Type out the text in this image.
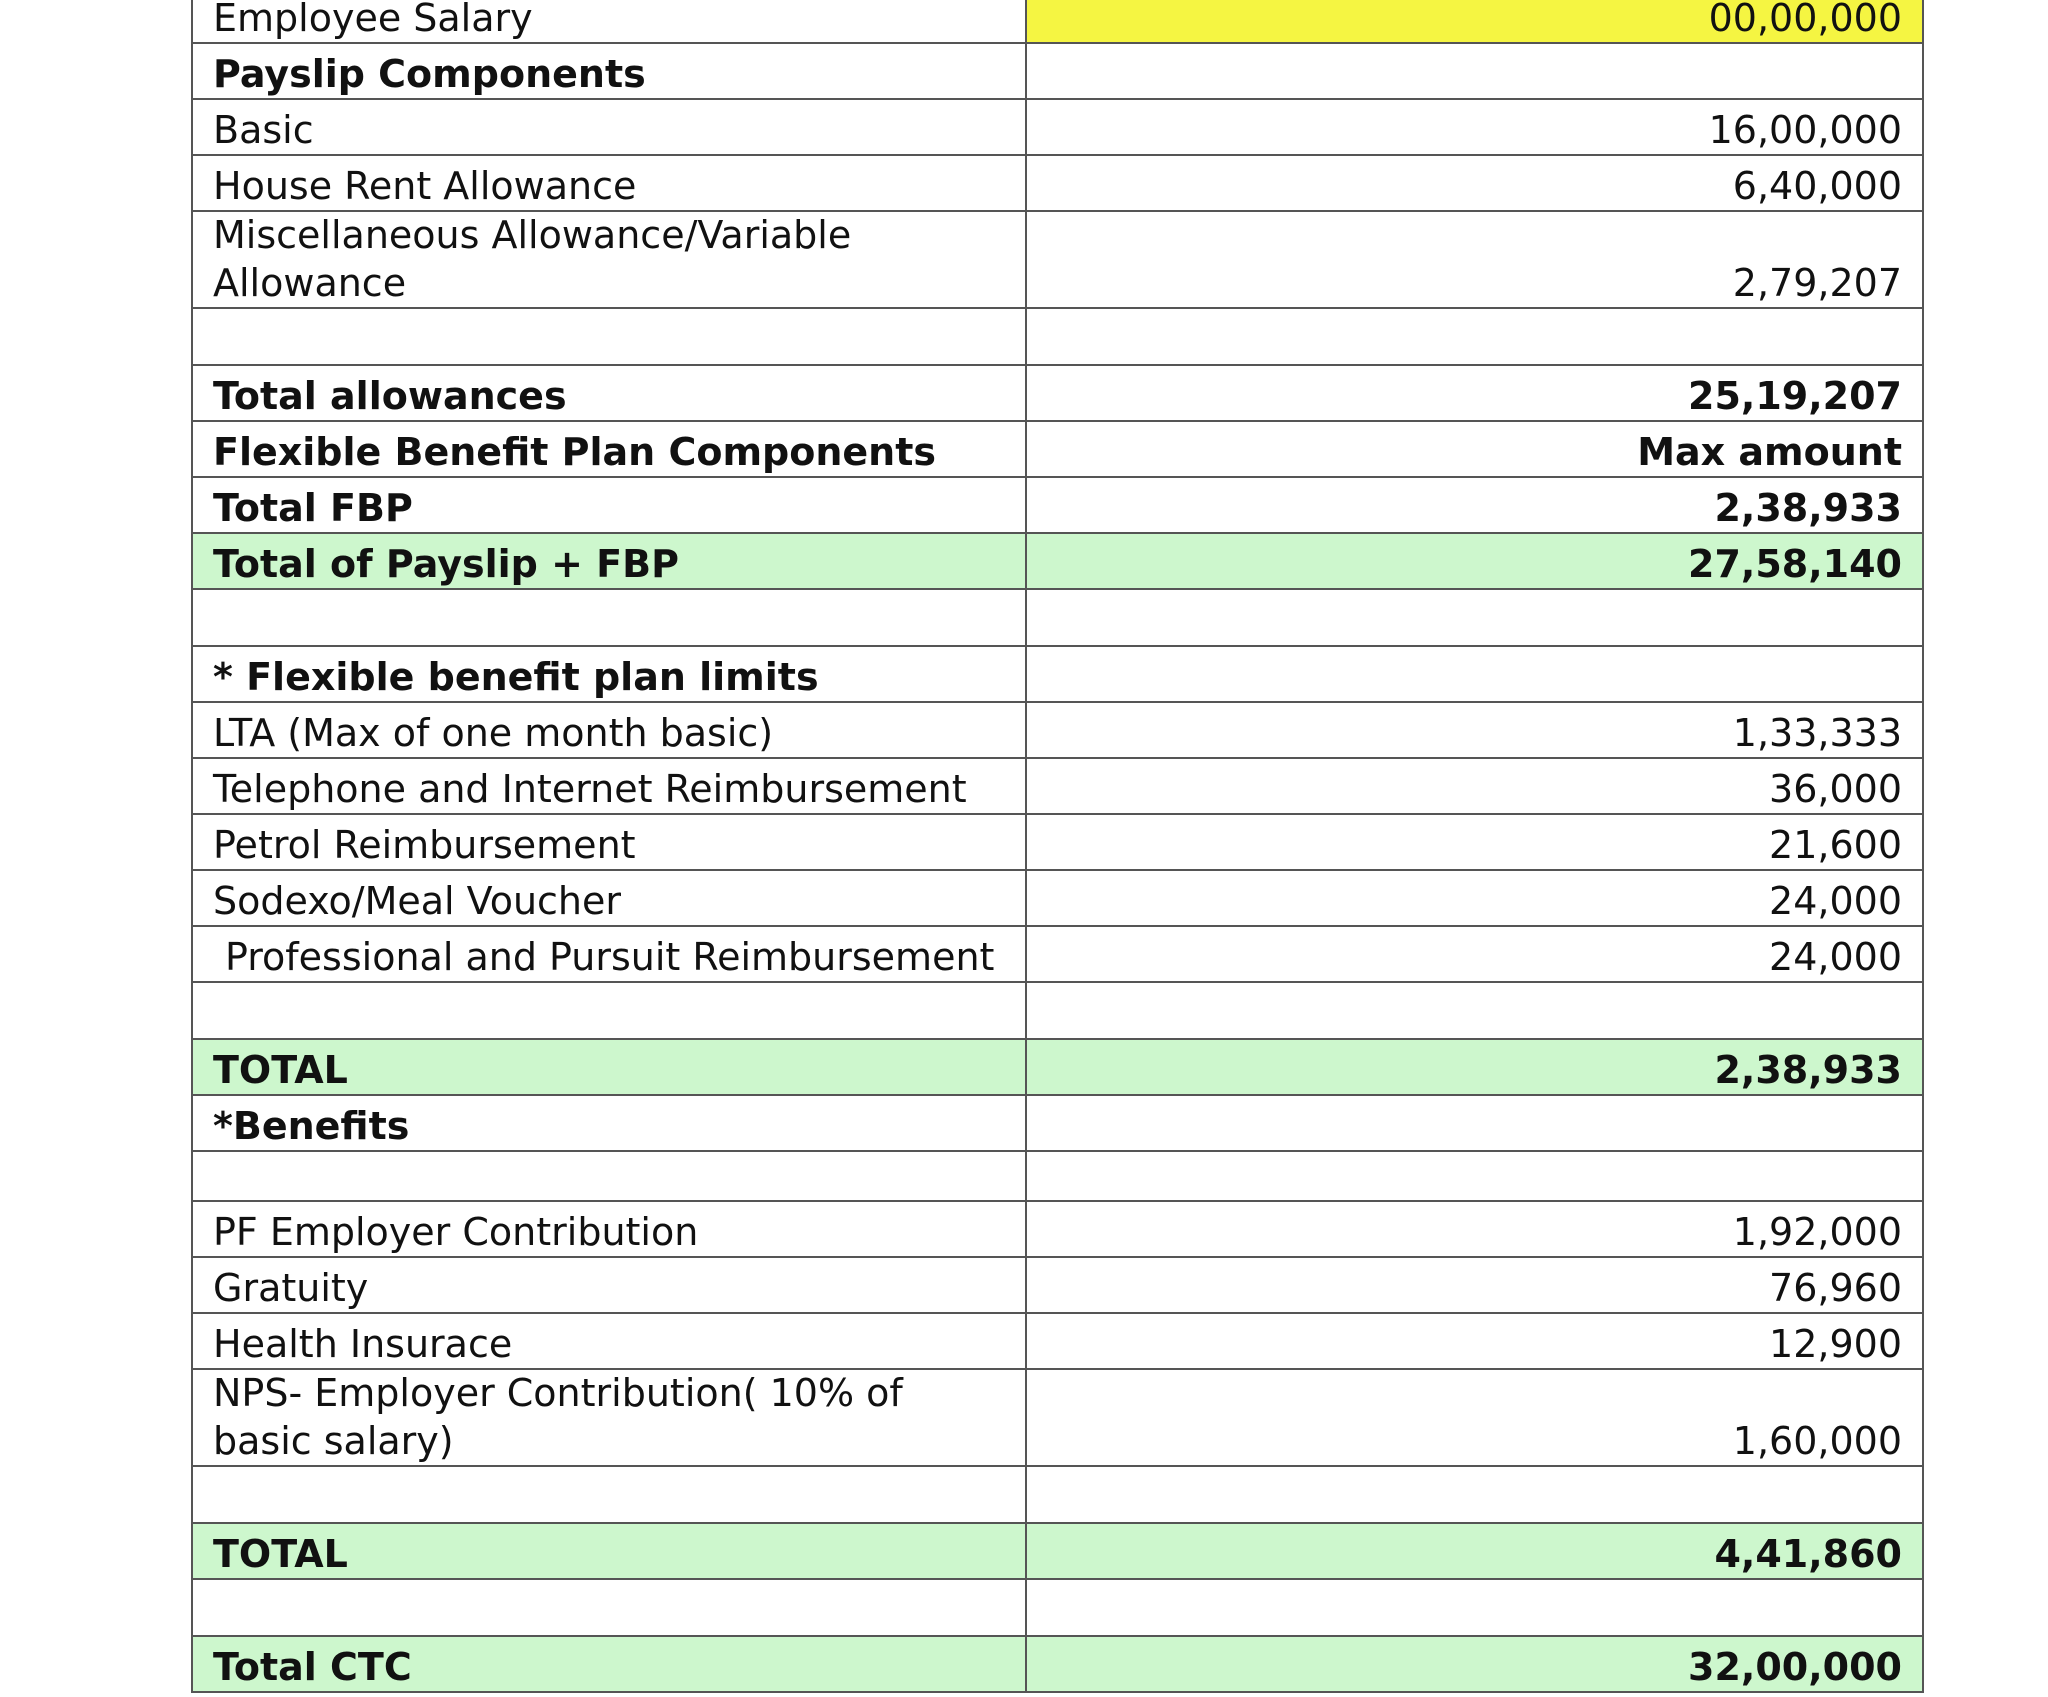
Employee Salary	00,00,000
Payslip Components	
Basic	16,00,000
House Rent Allowance	6,40,000
Miscellaneous Allowance/Variable Allowance	2,79,207

Total allowances	25,19,207
Flexible Benefit Plan Components	Max amount
Total FBP	2,38,933
Total of Payslip + FBP	27,58,140

* Flexible benefit plan limits	
LTA (Max of one month basic)	1,33,333
Telephone and Internet Reimbursement	36,000
Petrol Reimbursement	21,600
Sodexo/Meal Voucher	24,000
Professional and Pursuit Reimbursement	24,000

TOTAL	2,38,933
*Benefits	

PF Employer Contribution	1,92,000
Gratuity	76,960
Health Insurace	12,900
NPS- Employer Contribution( 10% of basic salary)	1,60,000

TOTAL	4,41,860

Total CTC	32,00,000
